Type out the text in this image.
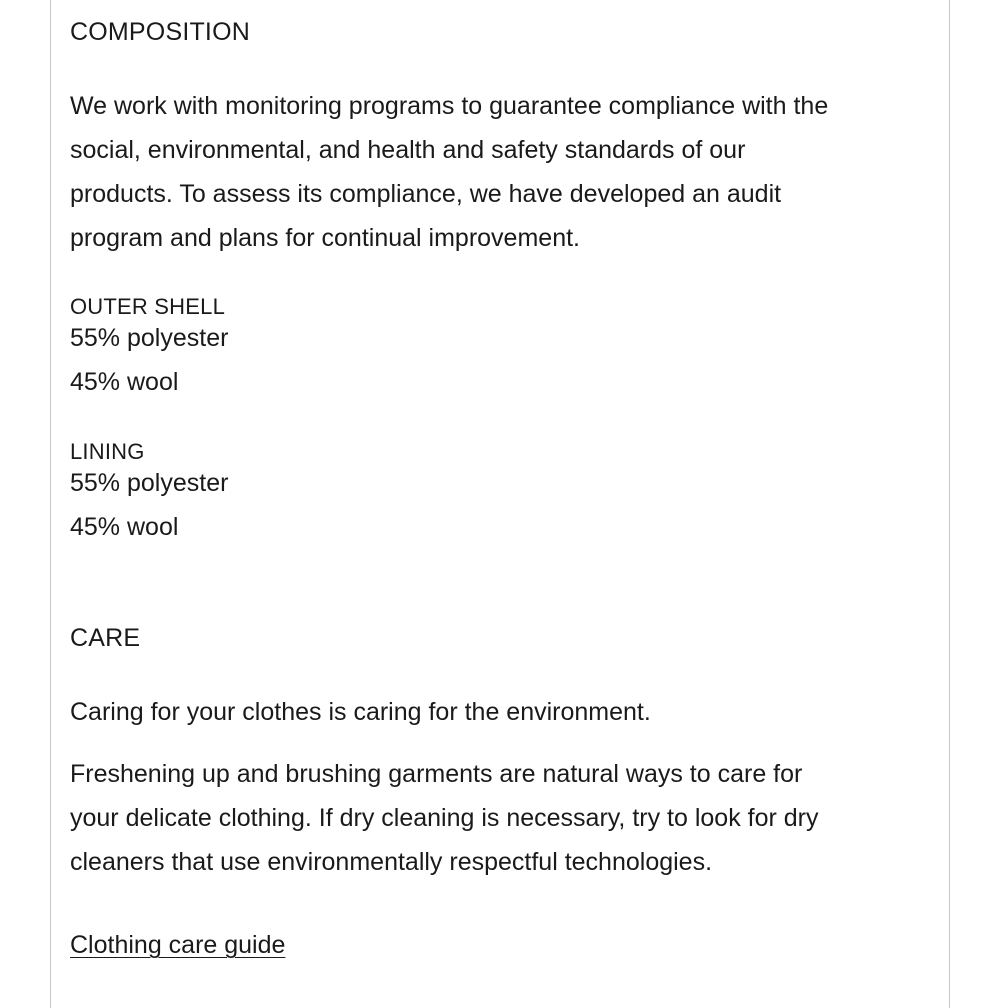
COMPOSITION
We work with monitoring programs to guarantee compliance with the
social, environmental, and health and safety standards of our
products. To assess its compliance, we have developed an audit
program and plans for continual improvement.
OUTER SHELL
55% polyester
45% wool
LINING
55% polyester
45% wool
CARE
Caring for your clothes is caring for the environment.
Freshening up and brushing garments are natural ways to care for
your delicate clothing. If dry cleaning is necessary, try to look for dry
cleaners that use environmentally respectful technologies.
Clothing care guide
